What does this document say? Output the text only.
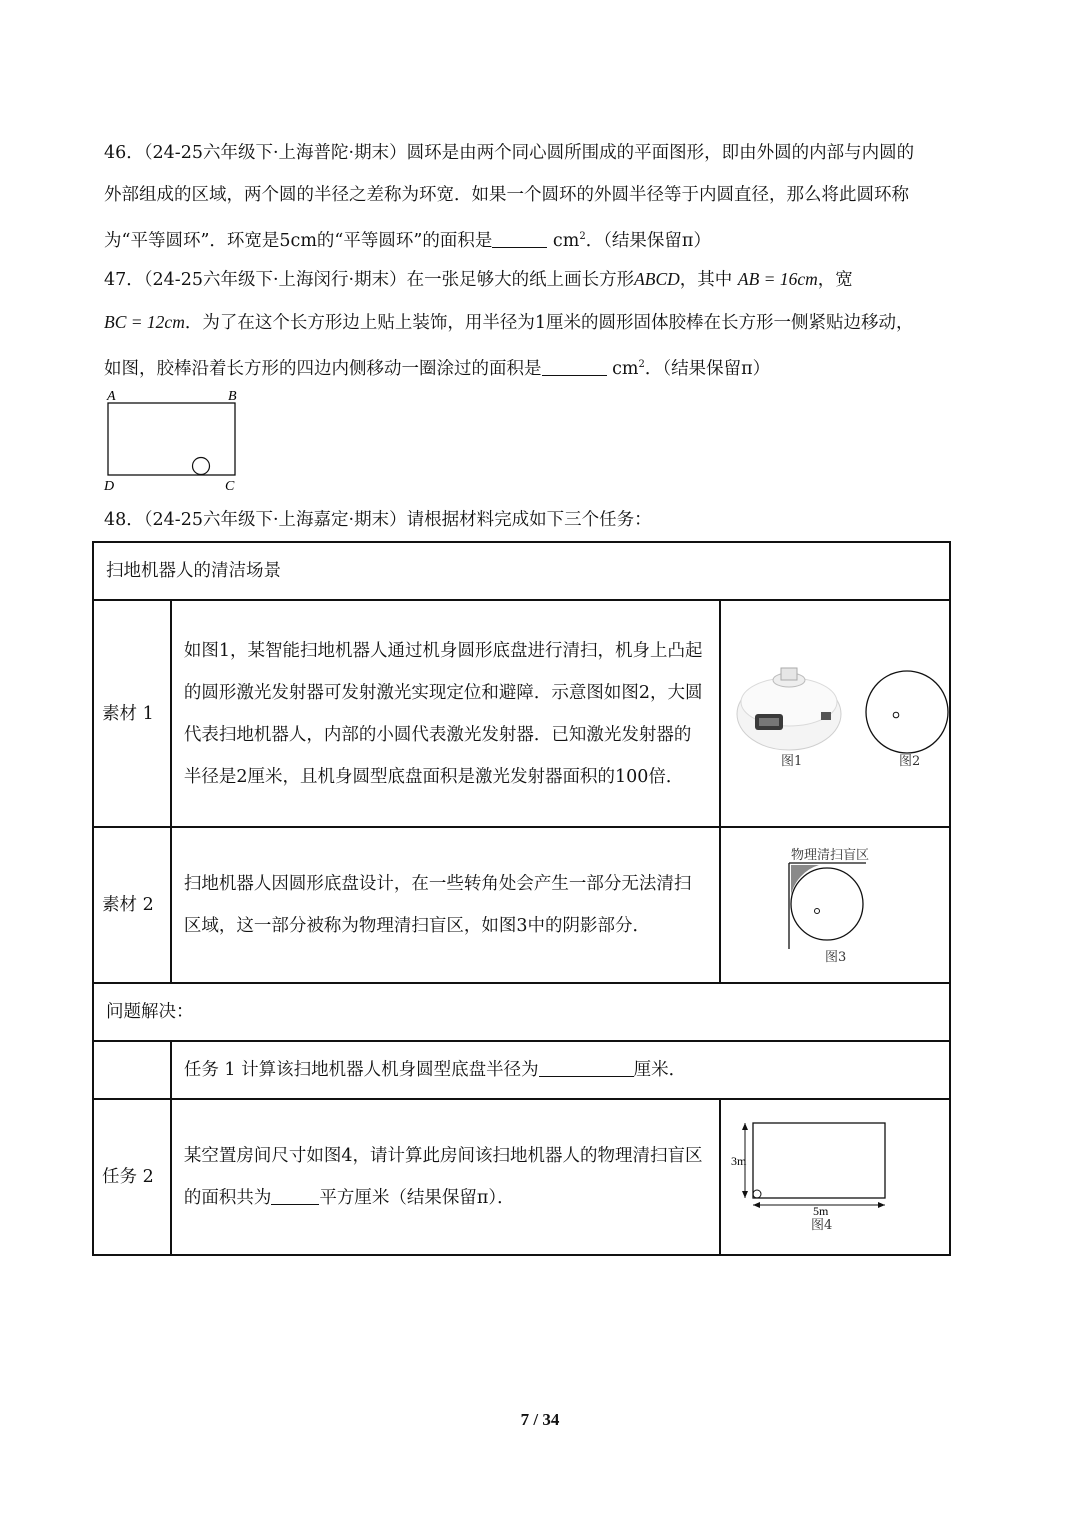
46．（24-25六年级下·上海普陀·期末）圆环是由两个同心圆所围成的平面图形，即由外圆的内部与内圆的

外部组成的区域，两个圆的半径之差称为环宽．如果一个圆环的外圆半径等于内圆直径，那么将此圆环称

为“平等圆环”．环宽是5cm的“平等圆环”的面积是	$cm^2$．（结果保留π）

47．（24-25六年级下·上海闵行·期末）在一张足够大的纸上画长方形ABCD，其中 AB = 16cm，宽

BC = 12cm．为了在这个长方形边上贴上装饰，用半径为1厘米的圆形固体胶棒在长方形一侧紧贴边移动，

如图，胶棒沿着长方形的四边内侧移动一圈涂过的面积是	$cm^2$．（结果保留π）

A	B
D	C

48．（24-25六年级下·上海嘉定·期末）请根据材料完成如下三个任务：

扫地机器人的清洁场景		
素材 1	如图1，某智能扫地机器人通过机身圆形底盘进行清扫，机身上凸起的圆形激光发射器可发射激光实现定位和避障．示意图如图2，大圆代表扫地机器人，内部的小圆代表激光发射器．已知激光发射器的半径是2厘米，且机身圆型底盘面积是激光发射器面积的100倍．	图1 图2

素材 2	扫地机器人因圆形底盘设计，在一些转角处会产生一部分无法清扫区域，这一部分被称为物理清扫盲区，如图3中的阴影部分．	物理清扫盲区
图3

问题解决：		
	任务 1 计算该扫地机器人机身圆型底盘半径为 厘米．	
任务 2	某空置房间尺寸如图4，请计算此房间该扫地机器人的物理清扫盲区的面积共为 平方厘米（结果保留π）．	3m
5m
图4
7 / 34
